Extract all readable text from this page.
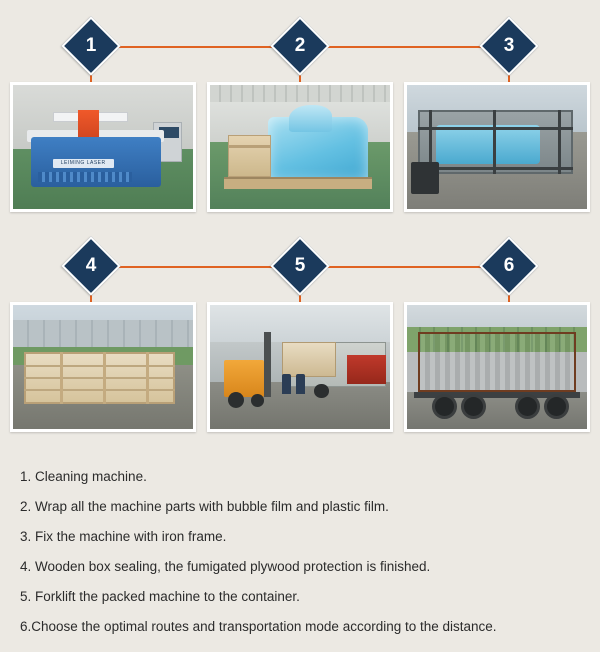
1	2	3
LEIMING LASER
4	5	6
1. Cleaning machine.
2. Wrap all the machine parts with bubble film and plastic film.
3. Fix the machine with iron frame.
4. Wooden box sealing, the fumigated plywood protection is finished.
5. Forklift the packed machine to the container.
6.Choose the optimal routes and transportation mode according to the distance.
